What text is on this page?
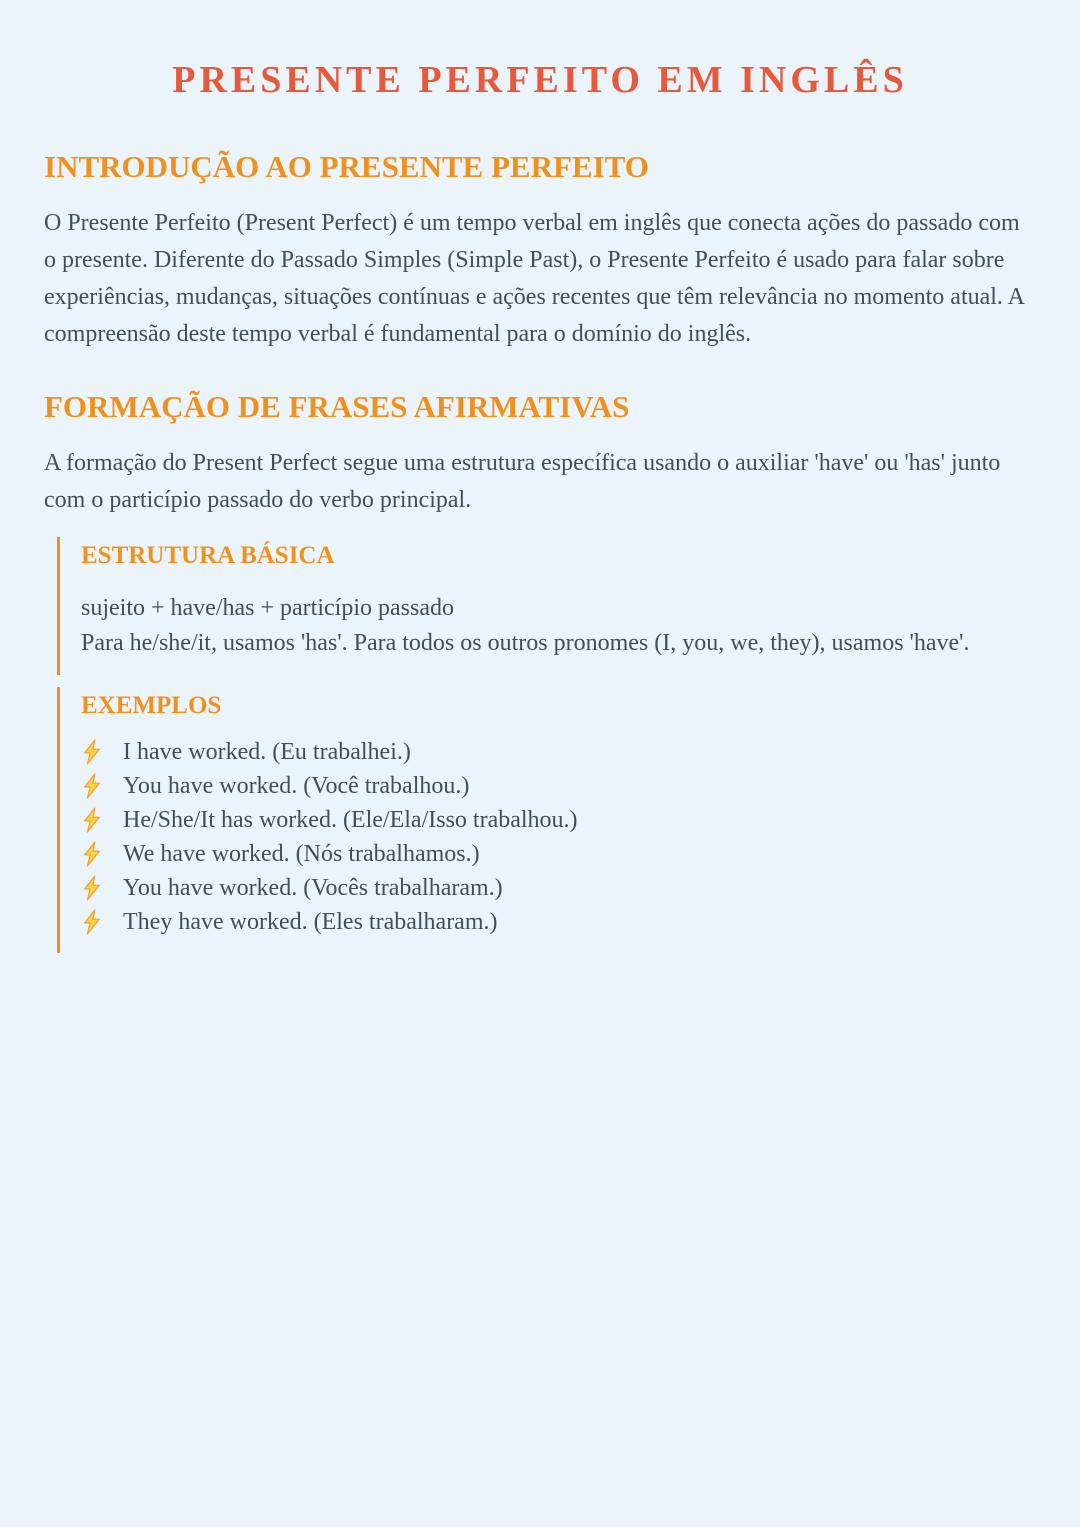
PRESENTE PERFEITO EM INGLÊS
INTRODUÇÃO AO PRESENTE PERFEITO

O Presente Perfeito (Present Perfect) é um tempo verbal em inglês que conecta ações do passado com o presente. Diferente do Passado Simples (Simple Past), o Presente Perfeito é usado para falar sobre experiências, mudanças, situações contínuas e ações recentes que têm relevância no momento atual. A compreensão deste tempo verbal é fundamental para o domínio do inglês.

FORMAÇÃO DE FRASES AFIRMATIVAS

A formação do Present Perfect segue uma estrutura específica usando o auxiliar 'have' ou 'has' junto com o particípio passado do verbo principal.

ESTRUTURA BÁSICA

sujeito + have/has + particípio passado

Para he/she/it, usamos 'has'. Para todos os outros pronomes (I, you, we, they), usamos 'have'.

EXEMPLOS
I have worked. (Eu trabalhei.)
You have worked. (Você trabalhou.)
He/She/It has worked. (Ele/Ela/Isso trabalhou.)
We have worked. (Nós trabalhamos.)
You have worked. (Vocês trabalharam.)
They have worked. (Eles trabalharam.)
